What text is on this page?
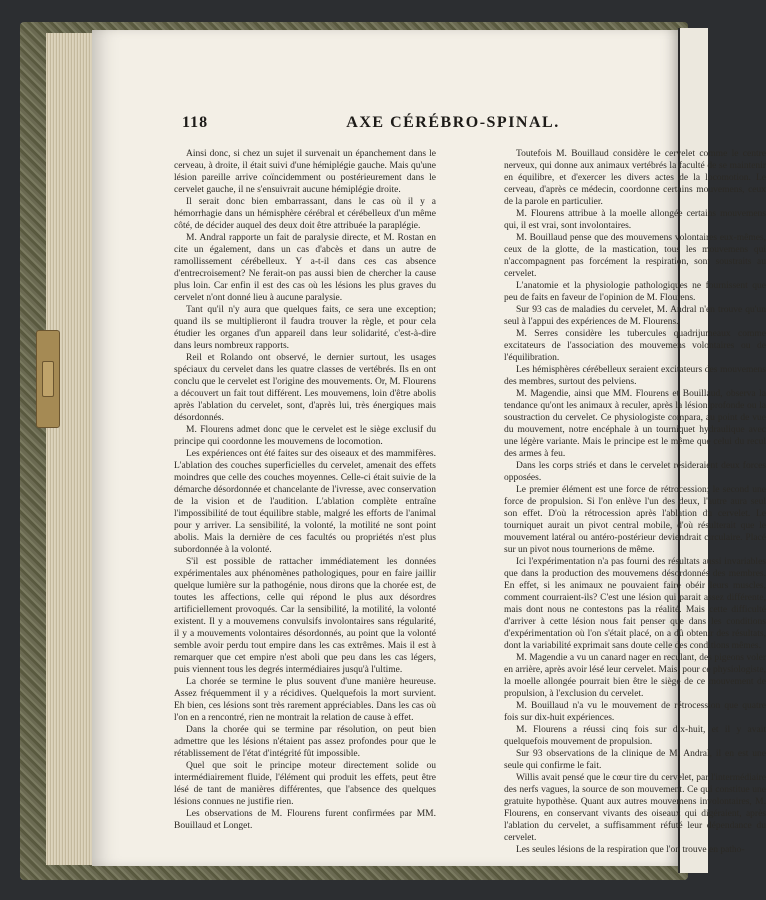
118	AXE CÉRÉBRO-SPINAL.

Ainsi donc, si chez un sujet il survenait un épanchement dans le cerveau, à droite, il était suivi d'une hémiplégie gauche. Mais qu'une lésion pareille arrive coïncidemment ou postérieurement dans le cervelet gauche, il ne s'ensuivrait aucune hémiplégie droite.

Il serait donc bien embarrassant, dans le cas où il y a hémorrhagie dans un hémisphère cérébral et cérébelleux d'un même côté, de décider auquel des deux doit être attribuée la paraplégie.

M. Andral rapporte un fait de paralysie directe, et M. Rostan en cite un également, dans un cas d'abcès et dans un autre de ramollissement cérébelleux. Y a-t-il dans ces cas absence d'entrecroisement? Ne ferait-on pas aussi bien de chercher la cause plus loin. Car enfin il est des cas où les lésions les plus graves du cervelet n'ont donné lieu à aucune paralysie.

Tant qu'il n'y aura que quelques faits, ce sera une exception; quand ils se multiplieront il faudra trouver la règle, et pour cela étudier les organes d'un appareil dans leur solidarité, c'est-à-dire dans leurs nombreux rapports.

Reil et Rolando ont observé, le dernier surtout, les usages spéciaux du cervelet dans les quatre classes de vertébrés. Ils en ont conclu que le cervelet est l'origine des mouvements. Or, M. Flourens a découvert un fait tout différent. Les mouvemens, loin d'être abolis après l'ablation du cervelet, sont, d'après lui, très énergiques mais désordonnés.

M. Flourens admet donc que le cervelet est le siège exclusif du principe qui coordonne les mouvemens de locomotion.

Les expériences ont été faites sur des oiseaux et des mammifères. L'ablation des couches superficielles du cervelet, amenait des effets moindres que celle des couches moyennes. Celle-ci était suivie de la démarche désordonnée et chancelante de l'ivresse, avec conservation de la vision et de l'audition. L'ablation complète entraîne l'impossibilité de tout équilibre stable, malgré les efforts de l'animal pour y arriver. La sensibilité, la volonté, la motilité ne sont point abolis. Mais la dernière de ces facultés ou propriétés n'est plus subordonnée à la volonté.

S'il est possible de rattacher immédiatement les données expérimentales aux phénomènes pathologiques, pour en faire jaillir quelque lumière sur la pathogénie, nous dirons que la chorée est, de toutes les affections, celle qui répond le plus aux désordres artificiellement provoqués. Car la sensibilité, la motilité, la volonté existent. Il y a mouvemens convulsifs involontaires sans régularité, il y a mouvements volontaires désordonnés, au point que la volonté semble avoir perdu tout empire dans les cas extrêmes. Mais il est à remarquer que cet empire n'est aboli que peu dans les cas légers, puis viennent tous les degrés intermédiaires jusqu'à l'ultime.

La chorée se termine le plus souvent d'une manière heureuse. Assez fréquemment il y a récidives. Quelquefois la mort survient. Eh bien, ces lésions sont très rarement appréciables. Dans les cas où l'on en a rencontré, rien ne montrait la relation de cause à effet.

Dans la chorée qui se termine par résolution, on peut bien admettre que les lésions n'étaient pas assez profondes pour que le rétablissement de l'état d'intégrité fût impossible.

Quel que soit le principe moteur directement solide ou intermédiairement fluide, l'élément qui produit les effets, peut être lésé de tant de manières différentes, que l'absence des quelques lésions connues ne justifie rien.

Les observations de M. Flourens furent confirmées par MM. Bouillaud et Longet.

Toutefois M. Bouillaud considère le cervelet comme le centre nerveux, qui donne aux animaux vertébrés la faculté de se maintenir en équilibre, et d'exercer les divers actes de la locomotion. Le cerveau, d'après ce médecin, coordonne certains mouvemens, ceux de la parole en particulier.

M. Flourens attribue à la moelle allongée certains mouvemens qui, il est vrai, sont involontaires.

M. Bouillaud pense que des mouvemens volontaires eux-mêmes, ceux de la glotte, de la mastication, tous les mouvemens qui n'accompagnent pas forcément la respiration, sont soustraits au cervelet.

L'anatomie et la physiologie pathologiques ne fournissent que peu de faits en faveur de l'opinion de M. Flourens.

Sur 93 cas de maladies du cervelet, M. Andral n'en trouve qu'un seul à l'appui des expériences de M. Flourens.

M. Serres considère les tubercules quadrijumeaux comme excitateurs de l'association des mouvemens volontaires ou de l'équilibration.

Les hémisphères cérébelleux seraient excitateurs des mouvemens des membres, surtout des pelviens.

M. Magendie, ainsi que MM. Flourens et Bouillaud, observa la tendance qu'ont les animaux à reculer, après la lésion profonde ou la soustraction du cervelet. Ce physiologiste compara, au point de vue du mouvement, notre encéphale à un tourniquet hydraulique avec une légère variante. Mais le principe est le même que celui du recul des armes à feu.

Dans les corps striés et dans le cervelet résideraient deux forces opposées.

Le premier élément est une force de rétrocession; le second une force de propulsion. Si l'on enlève l'un des deux, l'autre aura seul son effet. D'où la rétrocession après l'ablation du cervelet. Le tourniquet aurait un pivot central mobile, d'où résulterait que le mouvement latéral ou antéro-postérieur deviendrait circulaire. Placé sur un pivot nous tournerions de même.

Ici l'expérimentation n'a pas fourni des résultats aussi invariables que dans la production des mouvemens désordonnés des membres. En effet, si les animaux ne pouvaient faire obéir leurs muscles, comment courraient-ils? C'est une lésion qui parait assez différente, mais dont nous ne contestons pas la réalité. Mais cette difficulté d'arriver à cette lésion nous fait penser que dans les conditions d'expérimentation où l'on s'était placé, on a dû obtenir des résultats, dont la variabilité exprimait sans doute celle des conditions mêmes.

M. Magendie a vu un canard nager en reculant, des pigeons voler en arrière, après avoir lésé leur cervelet. Mais, pour ce physiologiste, la moelle allongée pourrait bien être le siège de ce mouvement de propulsion, à l'exclusion du cervelet.

M. Bouillaud n'a vu le mouvement de rétrocession que quatre fois sur dix-huit expériences.

M. Flourens a réussi cinq fois sur dix-huit, et il y avait quelquefois mouvement de propulsion.

Sur 93 observations de la clinique de M. Andral, il en est une seule qui confirme le fait.

Willis avait pensé que le cœur tire du cervelet, par l'intermédiaire des nerfs vagues, la source de son mouvement. Ce qui constitue une gratuite hypothèse. Quant aux autres mouvemens involontaires, M. Flourens, en conservant vivants des oiseaux qui digéraient, après l'ablation du cervelet, a suffisamment réfuté leur dépendance du cervelet.

Les seules lésions de la respiration que l'on trouve en patho-
